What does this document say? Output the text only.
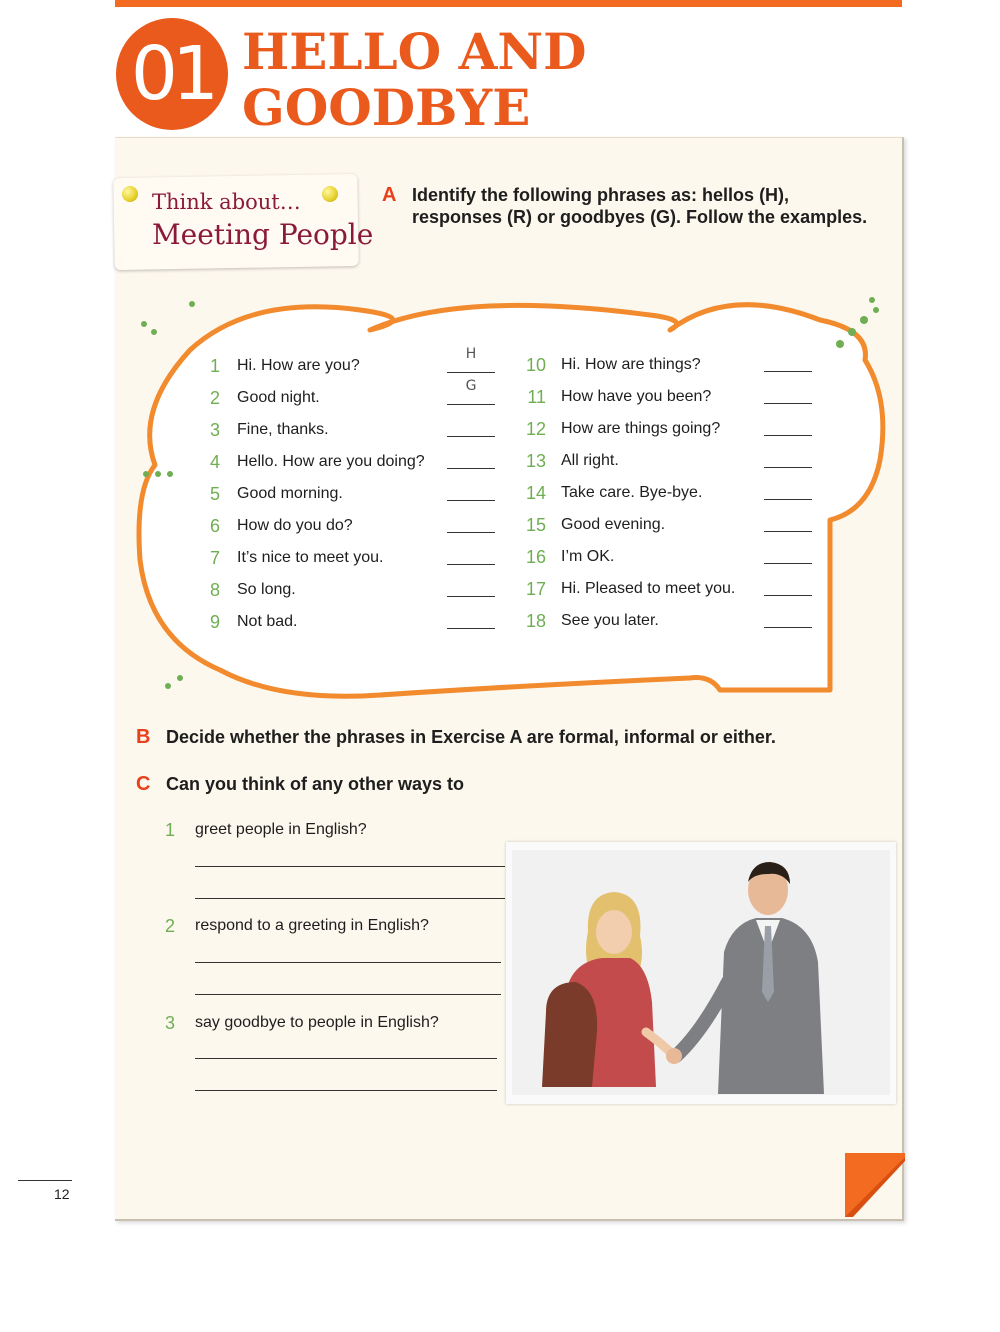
01 HELLO AND
GOODBYE
Think about…
Meeting People
A Identify the following phrases as: hellos (H),
responses (R) or goodbyes (G). Follow the examples.
1 Hi. How are you?
H
2 Good night.
G
3 Fine, thanks.
4 Hello. How are you doing?
5 Good morning.
6 How do you do?
7 It’s nice to meet you.
8 So long.
9 Not bad.
10 Hi. How are things?
11 How have you been?
12 How are things going?
13 All right.
14 Take care. Bye-bye.
15 Good evening.
16 I’m OK.
17 Hi. Pleased to meet you.
18 See you later.
B Decide whether the phrases in Exercise A are formal, informal or either.
C Can you think of any other ways to
1 greet people in English?
2 respond to a greeting in English?
3 say goodbye to people in English?
12
